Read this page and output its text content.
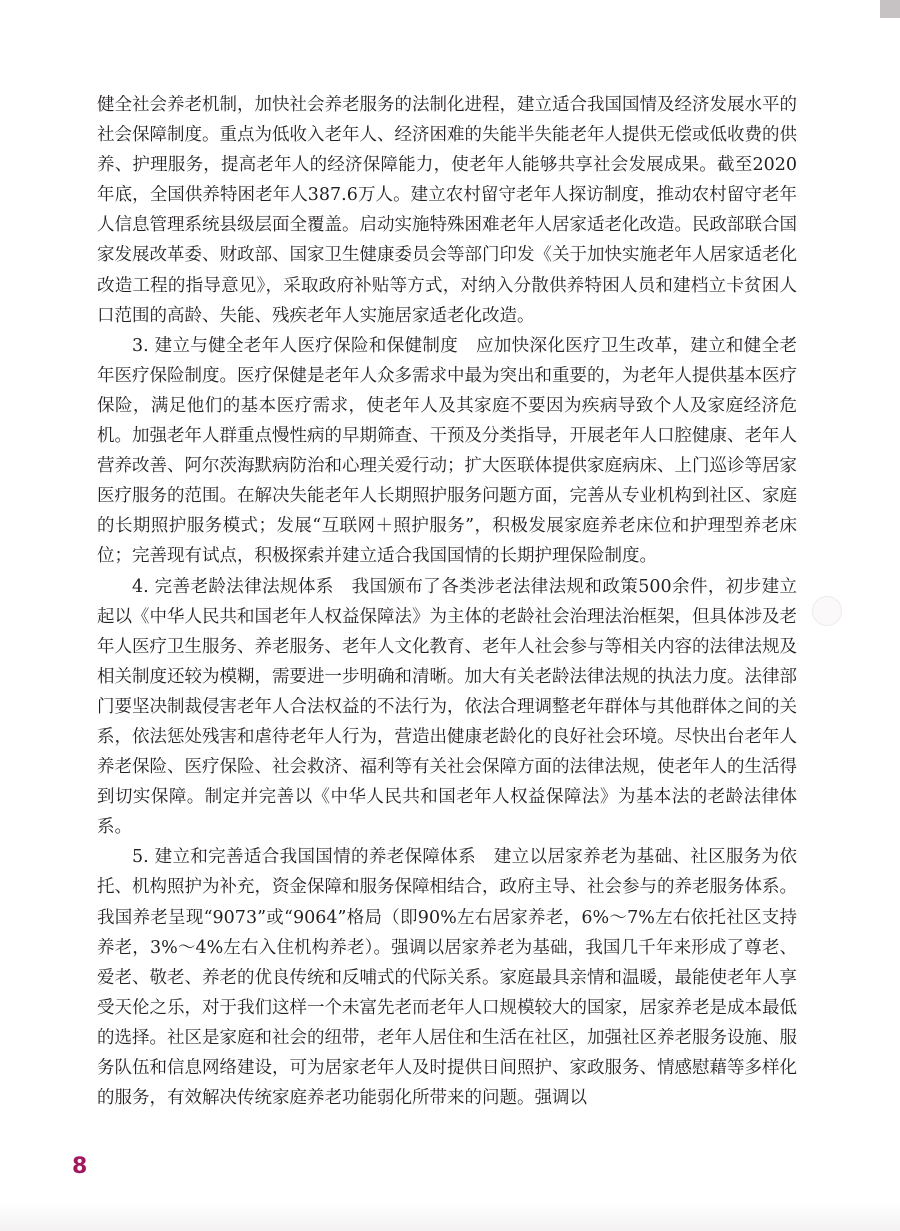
健全社会养老机制，加快社会养老服务的法制化进程，建立适合我国国情及经济发展水平的社会保障制度。重点为低收入老年人、经济困难的失能半失能老年人提供无偿或低收费的供养、护理服务，提高老年人的经济保障能力，使老年人能够共享社会发展成果。截至2020年底，全国供养特困老年人387.6万人。建立农村留守老年人探访制度，推动农村留守老年人信息管理系统县级层面全覆盖。启动实施特殊困难老年人居家适老化改造。民政部联合国家发展改革委、财政部、国家卫生健康委员会等部门印发《关于加快实施老年人居家适老化改造工程的指导意见》，采取政府补贴等方式，对纳入分散供养特困人员和建档立卡贫困人口范围的高龄、失能、残疾老年人实施居家适老化改造。

3. 建立与健全老年人医疗保险和保健制度　应加快深化医疗卫生改革，建立和健全老年医疗保险制度。医疗保健是老年人众多需求中最为突出和重要的，为老年人提供基本医疗保险，满足他们的基本医疗需求，使老年人及其家庭不要因为疾病导致个人及家庭经济危机。加强老年人群重点慢性病的早期筛查、干预及分类指导，开展老年人口腔健康、老年人营养改善、阿尔茨海默病防治和心理关爱行动；扩大医联体提供家庭病床、上门巡诊等居家医疗服务的范围。在解决失能老年人长期照护服务问题方面，完善从专业机构到社区、家庭的长期照护服务模式；发展“互联网＋照护服务”，积极发展家庭养老床位和护理型养老床位；完善现有试点，积极探索并建立适合我国国情的长期护理保险制度。

4. 完善老龄法律法规体系　我国颁布了各类涉老法律法规和政策500余件，初步建立起以《中华人民共和国老年人权益保障法》为主体的老龄社会治理法治框架，但具体涉及老年人医疗卫生服务、养老服务、老年人文化教育、老年人社会参与等相关内容的法律法规及相关制度还较为模糊，需要进一步明确和清晰。加大有关老龄法律法规的执法力度。法律部门要坚决制裁侵害老年人合法权益的不法行为，依法合理调整老年群体与其他群体之间的关系，依法惩处残害和虐待老年人行为，营造出健康老龄化的良好社会环境。尽快出台老年人养老保险、医疗保险、社会救济、福利等有关社会保障方面的法律法规，使老年人的生活得到切实保障。制定并完善以《中华人民共和国老年人权益保障法》为基本法的老龄法律体系。

5. 建立和完善适合我国国情的养老保障体系　建立以居家养老为基础、社区服务为依托、机构照护为补充，资金保障和服务保障相结合，政府主导、社会参与的养老服务体系。我国养老呈现“9073”或“9064”格局（即90%左右居家养老，6%～7%左右依托社区支持养老，3%～4%左右入住机构养老）。强调以居家养老为基础，我国几千年来形成了尊老、爱老、敬老、养老的优良传统和反哺式的代际关系。家庭最具亲情和温暖，最能使老年人享受天伦之乐，对于我们这样一个未富先老而老年人口规模较大的国家，居家养老是成本最低的选择。社区是家庭和社会的纽带，老年人居住和生活在社区，加强社区养老服务设施、服务队伍和信息网络建设，可为居家老年人及时提供日间照护、家政服务、情感慰藉等多样化的服务，有效解决传统家庭养老功能弱化所带来的问题。强调以

8
